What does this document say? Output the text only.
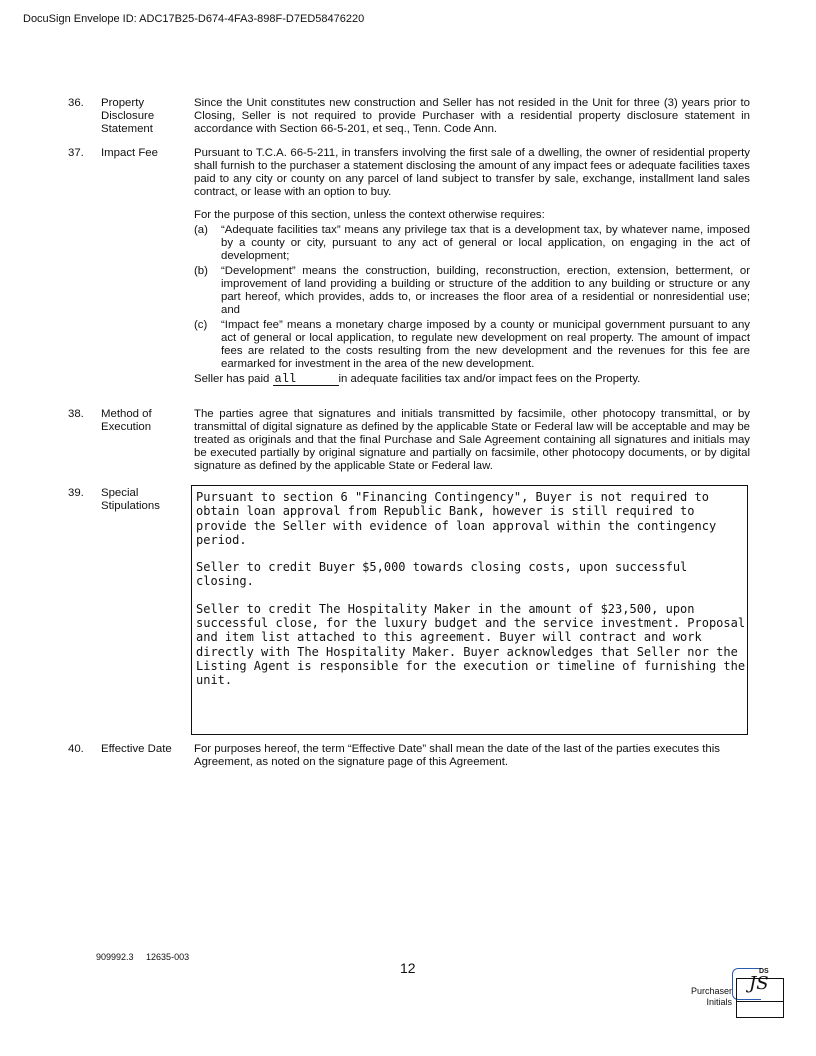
DocuSign Envelope ID: ADC17B25-D674-4FA3-898F-D7ED58476220
36. Property Disclosure Statement
Since the Unit constitutes new construction and Seller has not resided in the Unit for three (3) years prior to Closing, Seller is not required to provide Purchaser with a residential property disclosure statement in accordance with Section 66-5-201, et seq., Tenn. Code Ann.
37. Impact Fee	Pursuant to T.C.A. 66-5-211, in transfers involving the first sale of a dwelling, the owner of residential property shall furnish to the purchaser a statement disclosing the amount of any impact fees or adequate facilities taxes paid to any city or county on any parcel of land subject to transfer by sale, exchange, installment land sales contract, or lease with an option to buy.

For the purpose of this section, unless the context otherwise requires:

(a) “Adequate facilities tax” means any privilege tax that is a development tax, by whatever name, imposed by a county or city, pursuant to any act of general or local application, on engaging in the act of development;
(b) “Development” means the construction, building, reconstruction, erection, extension, betterment, or improvement of land providing a building or structure of the addition to any building or structure or any part hereof, which provides, adds to, or increases the floor area of a residential or nonresidential use; and
(c) “Impact fee” means a monetary charge imposed by a county or municipal government pursuant to any act of general or local application, to regulate new development on real property. The amount of impact fees are related to the costs resulting from the new development and the revenues for this fee are earmarked for investment in the area of the new development.
Seller has paid all	in adequate facilities tax and/or impact fees on the Property.
38. Method of Execution
The parties agree that signatures and initials transmitted by facsimile, other photocopy transmittal, or by transmittal of digital signature as defined by the applicable State or Federal law will be acceptable and may be treated as originals and that the final Purchase and Sale Agreement containing all signatures and initials may be executed partially by original signature and partially on facsimile, other photocopy documents, or by digital signature as defined by the applicable State or Federal law.
39. Special Stipulations

Pursuant to section 6 "Financing Contingency", Buyer is not required to obtain loan approval from Republic Bank, however is still required to provide the Seller with evidence of loan approval within the contingency period.

Seller to credit Buyer $5,000 towards closing costs, upon successful closing.

Seller to credit The Hospitality Maker in the amount of $23,500, upon successful close, for the luxury budget and the service investment. Proposal and item list attached to this agreement. Buyer will contract and work directly with The Hospitality Maker. Buyer acknowledges that Seller nor the Listing Agent is responsible for the execution or timeline of furnishing the unit.

40. Effective Date	For purposes hereof, the term “Effective Date” shall mean the date of the last of the parties executes this Agreement, as noted on the signature page of this Agreement.
909992.3     12635-003
12
Purchaser Initials
DS
JS
